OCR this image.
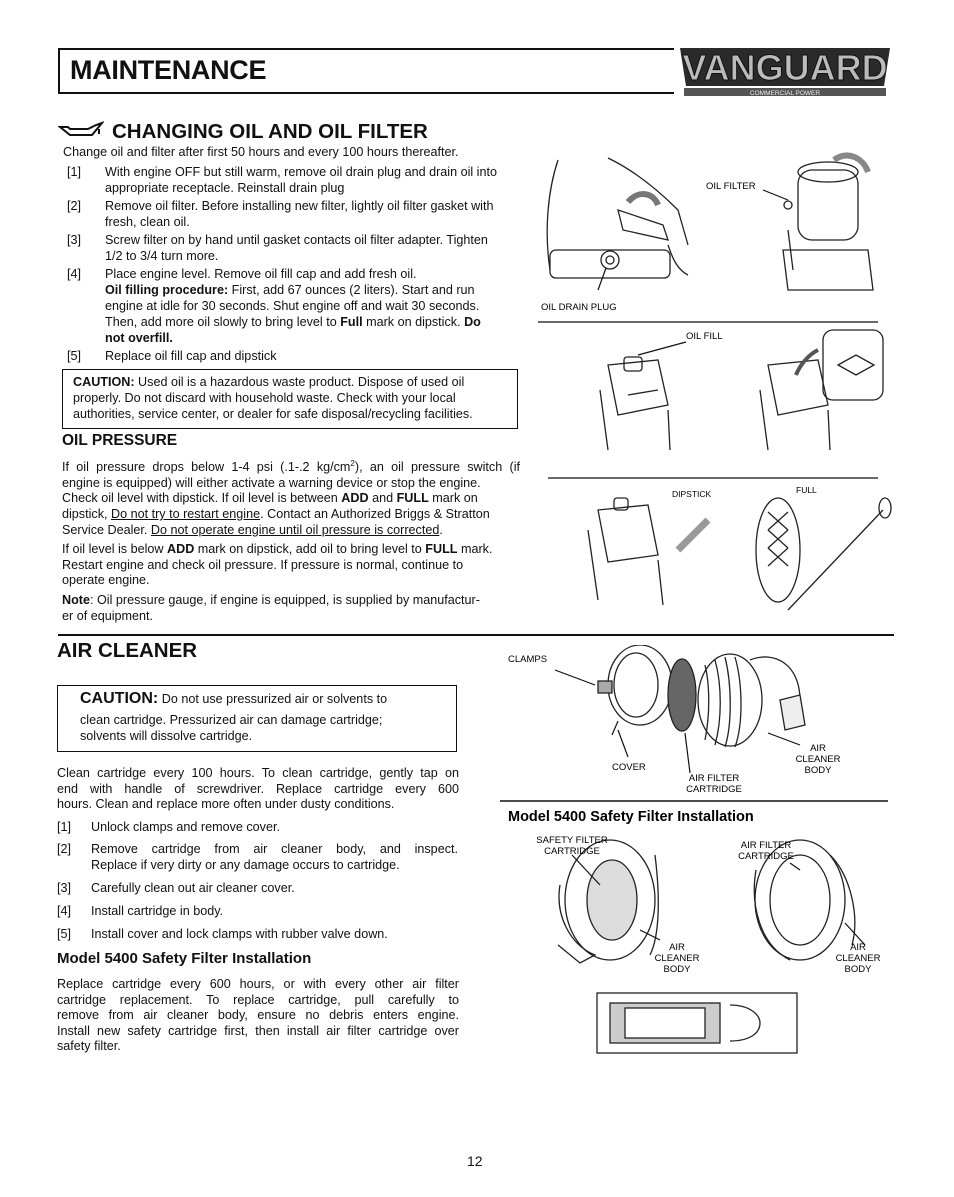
MAINTENANCE	VANGUARD
COMMERCIAL POWER
CHANGING OIL AND OIL FILTER
Change oil and filter after first 50 hours and every 100 hours thereafter.
[1] With engine OFF but still warm, remove oil drain plug and drain oil into
appropriate receptacle. Reinstall drain plug
[2] Remove oil filter. Before installing new filter, lightly oil filter gasket with
fresh, clean oil.
[3] Screw filter on by hand until gasket contacts oil filter adapter. Tighten
1/2 to 3/4 turn more.
[4] Place engine level. Remove oil fill cap and add fresh oil.
Oil filling procedure: First, add 67 ounces (2 liters). Start and run
engine at idle for 30 seconds. Shut engine off and wait 30 seconds.
Then, add more oil slowly to bring level to Full mark on dipstick. Do
not overfill.
[5] Replace oil fill cap and dipstick
CAUTION: Used oil is a hazardous waste product. Dispose of used oil
properly. Do not discard with household waste. Check with your local
authorities, service center, or dealer for safe disposal/recycling facilities.
OIL PRESSURE
If oil pressure drops below 1-4 psi (.1-.2 $kg/cm^2$), an oil pressure switch (if
engine is equipped) will either activate a warning device or stop the engine.
Check oil level with dipstick. If oil level is between ADD and FULL mark on
dipstick, Do not try to restart engine. Contact an Authorized Briggs & Stratton
Service Dealer. Do not operate engine until oil pressure is corrected.
If oil level is below ADD mark on dipstick, add oil to bring level to FULL mark.
Restart engine and check oil pressure. If pressure is normal, continue to
operate engine.
Note: Oil pressure gauge, if engine is equipped, is supplied by manufactur-
er of equipment.
OIL FILTER
OIL DRAIN PLUG
OIL FILL
DIPSTICK	FULL
AIR CLEANER
CAUTION: Do not use pressurized air or solvents to
clean cartridge. Pressurized air can damage cartridge;
solvents will dissolve cartridge.
Clean cartridge every 100 hours. To clean cartridge, gently tap on
end with handle of screwdriver. Replace cartridge every 600
hours. Clean and replace more often under dusty conditions.
[1] Unlock clamps and remove cover.
[2] Remove cartridge from air cleaner body, and inspect.
Replace if very dirty or any damage occurs to cartridge.
[3] Carefully clean out air cleaner cover.
[4] Install cartridge in body.
[5] Install cover and lock clamps with rubber valve down.
Model 5400 Safety Filter Installation
Replace cartridge every 600 hours, or with every other air filter
cartridge replacement. To replace cartridge, pull carefully to
remove from air cleaner body, ensure no debris enters engine.
Install new safety cartridge first, then install air filter cartridge over
safety filter.
CLAMPS
COVER
AIR FILTER CARTRIDGE
AIR CLEANER BODY
Model 5400 Safety Filter Installation
SAFETY FILTER CARTRIDGE
AIR FILTER CARTRIDGE
AIR CLEANER BODY
AIR CLEANER BODY
12
